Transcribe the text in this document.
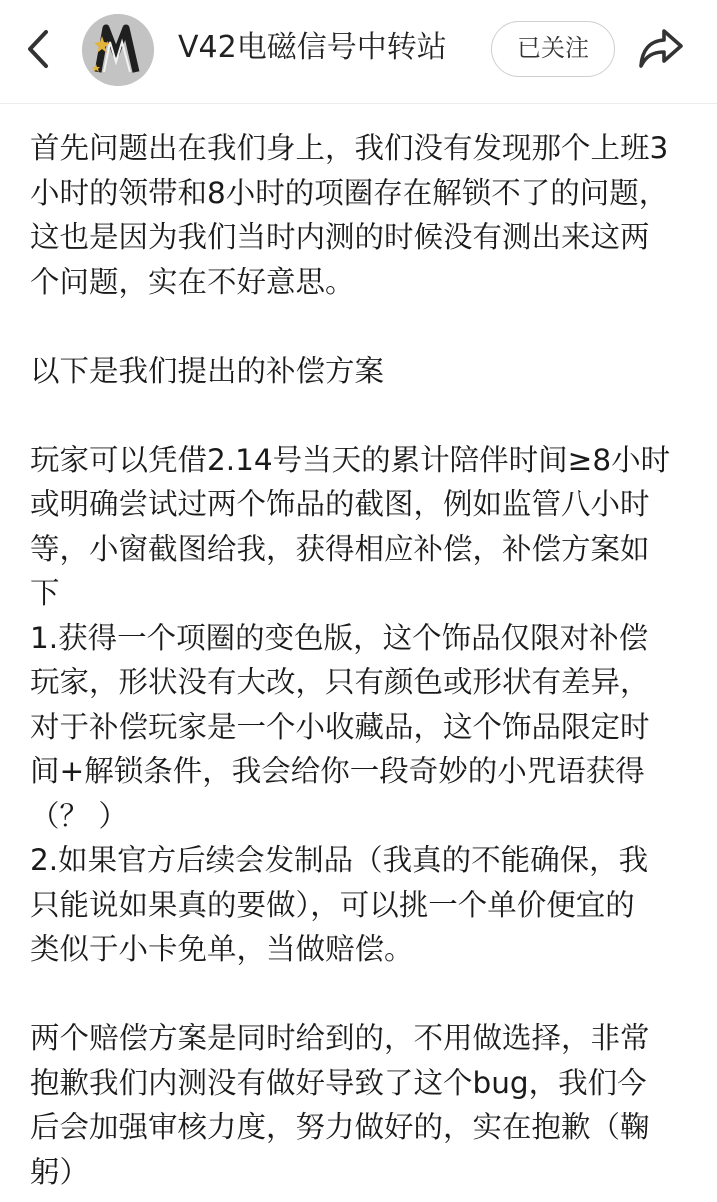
V42电磁信号中转站	已关注

首先问题出在我们身上，我们没有发现那个上班3
小时的领带和8小时的项圈存在解锁不了的问题，
这也是因为我们当时内测的时候没有测出来这两
个问题，实在不好意思。

以下是我们提出的补偿方案

玩家可以凭借2.14号当天的累计陪伴时间≥8小时
或明确尝试过两个饰品的截图，例如监管八小时
等，小窗截图给我，获得相应补偿，补偿方案如
下
1.获得一个项圈的变色版，这个饰品仅限对补偿
玩家，形状没有大改，只有颜色或形状有差异，
对于补偿玩家是一个小收藏品，这个饰品限定时
间+解锁条件，我会给你一段奇妙的小咒语获得
（？ ）
2.如果官方后续会发制品（我真的不能确保，我
只能说如果真的要做），可以挑一个单价便宜的
类似于小卡免单，当做赔偿。

两个赔偿方案是同时给到的，不用做选择，非常
抱歉我们内测没有做好导致了这个bug，我们今
后会加强审核力度，努力做好的，实在抱歉（鞠
躬）
